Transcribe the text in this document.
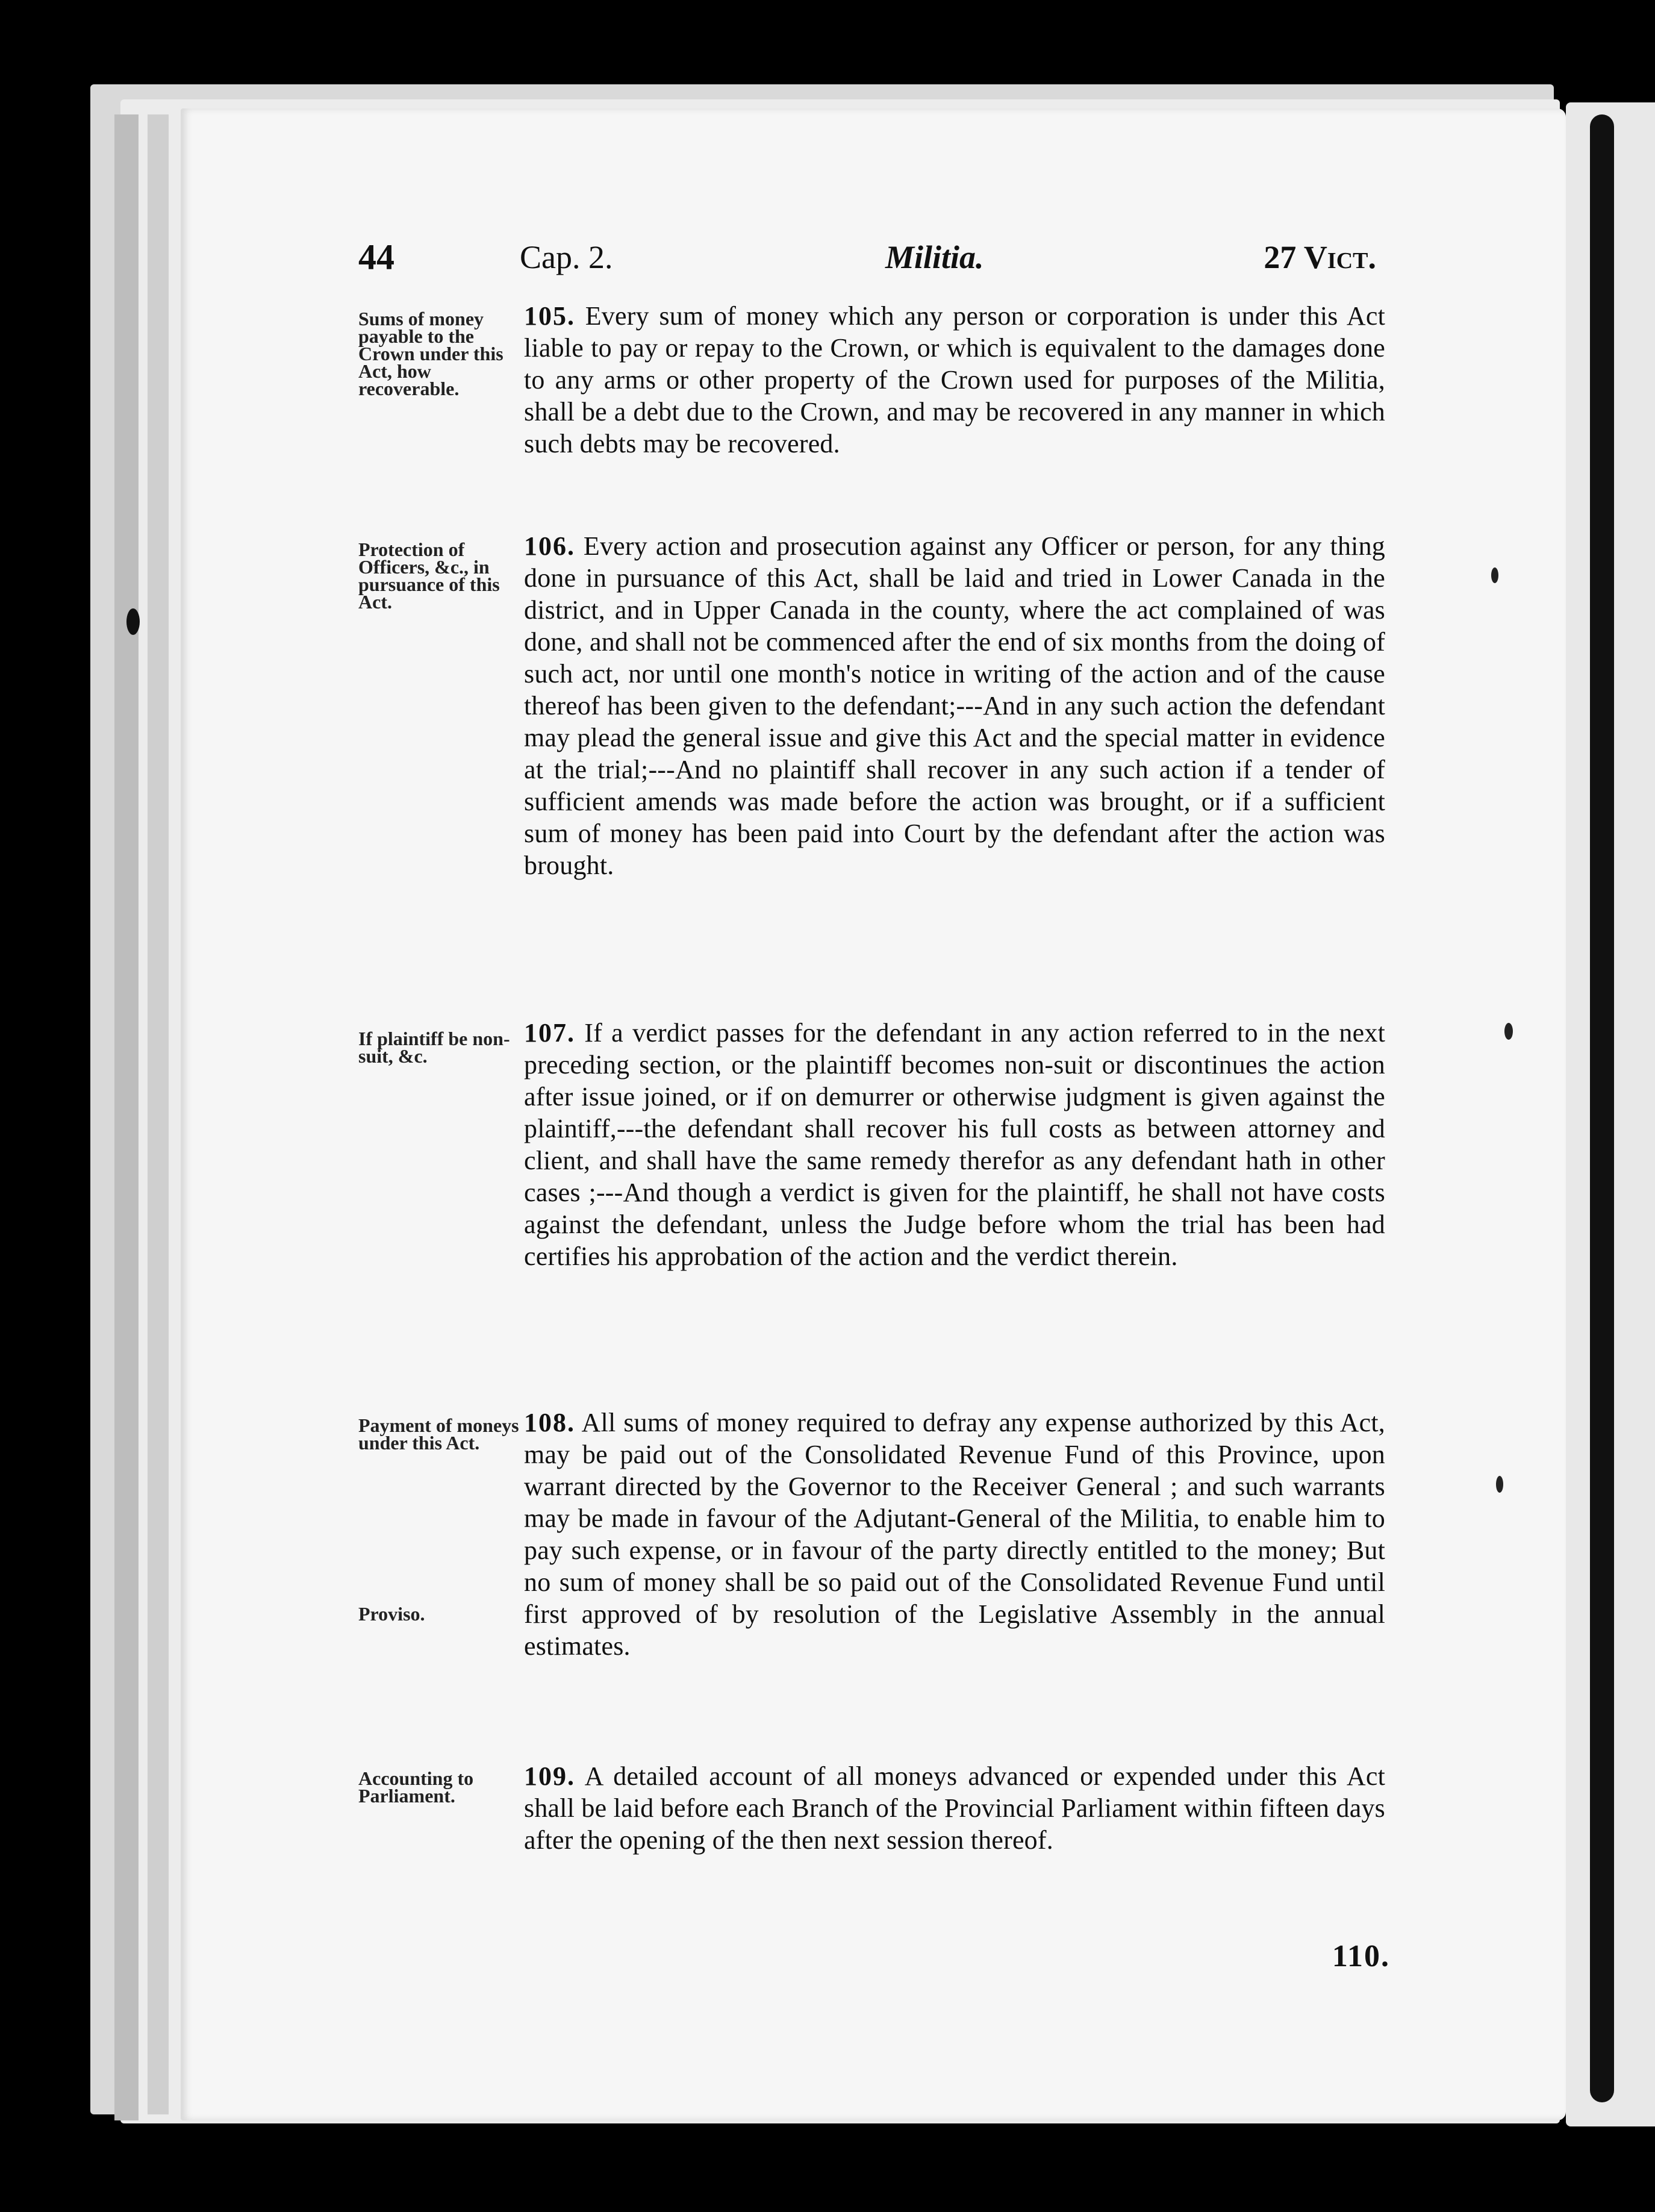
44	Cap. 2.	Militia.	27 Vict.
Sums of money payable to the Crown under this Act, how recoverable.
105. Every sum of money which any person or corporation is under this Act liable to pay or repay to the Crown, or which is equivalent to the damages done to any arms or other property of the Crown used for purposes of the Militia, shall be a debt due to the Crown, and may be recovered in any manner in which such debts may be recovered.
Protection of Officers, &c., in pursuance of this Act.
106. Every action and prosecution against any Officer or person, for any thing done in pursuance of this Act, shall be laid and tried in Lower Canada in the district, and in Upper Canada in the county, where the act complained of was done, and shall not be commenced after the end of six months from the doing of such act, nor until one month's notice in writing of the action and of the cause thereof has been given to the defendant;---And in any such action the defendant may plead the general issue and give this Act and the special matter in evidence at the trial;---And no plaintiff shall recover in any such action if a tender of sufficient amends was made before the action was brought, or if a sufficient sum of money has been paid into Court by the defendant after the action was brought.
If plaintiff be non-suit, &c.
107. If a verdict passes for the defendant in any action referred to in the next preceding section, or the plaintiff becomes non-suit or discontinues the action after issue joined, or if on demurrer or otherwise judgment is given against the plaintiff,---the defendant shall recover his full costs as between attorney and client, and shall have the same remedy therefor as any defendant hath in other cases ;---And though a verdict is given for the plaintiff, he shall not have costs against the defendant, unless the Judge before whom the trial has been had certifies his approbation of the action and the verdict therein.
Payment of moneys under this Act.
Proviso.
108. All sums of money required to defray any expense authorized by this Act, may be paid out of the Consolidated Revenue Fund of this Province, upon warrant directed by the Governor to the Receiver General ; and such warrants may be made in favour of the Adjutant-General of the Militia, to enable him to pay such expense, or in favour of the party directly entitled to the money; But no sum of money shall be so paid out of the Consolidated Revenue Fund until first approved of by resolution of the Legislative Assembly in the annual estimates.
Accounting to Parliament.
109. A detailed account of all moneys advanced or expended under this Act shall be laid before each Branch of the Provincial Parliament within fifteen days after the opening of the then next session thereof.
110.
